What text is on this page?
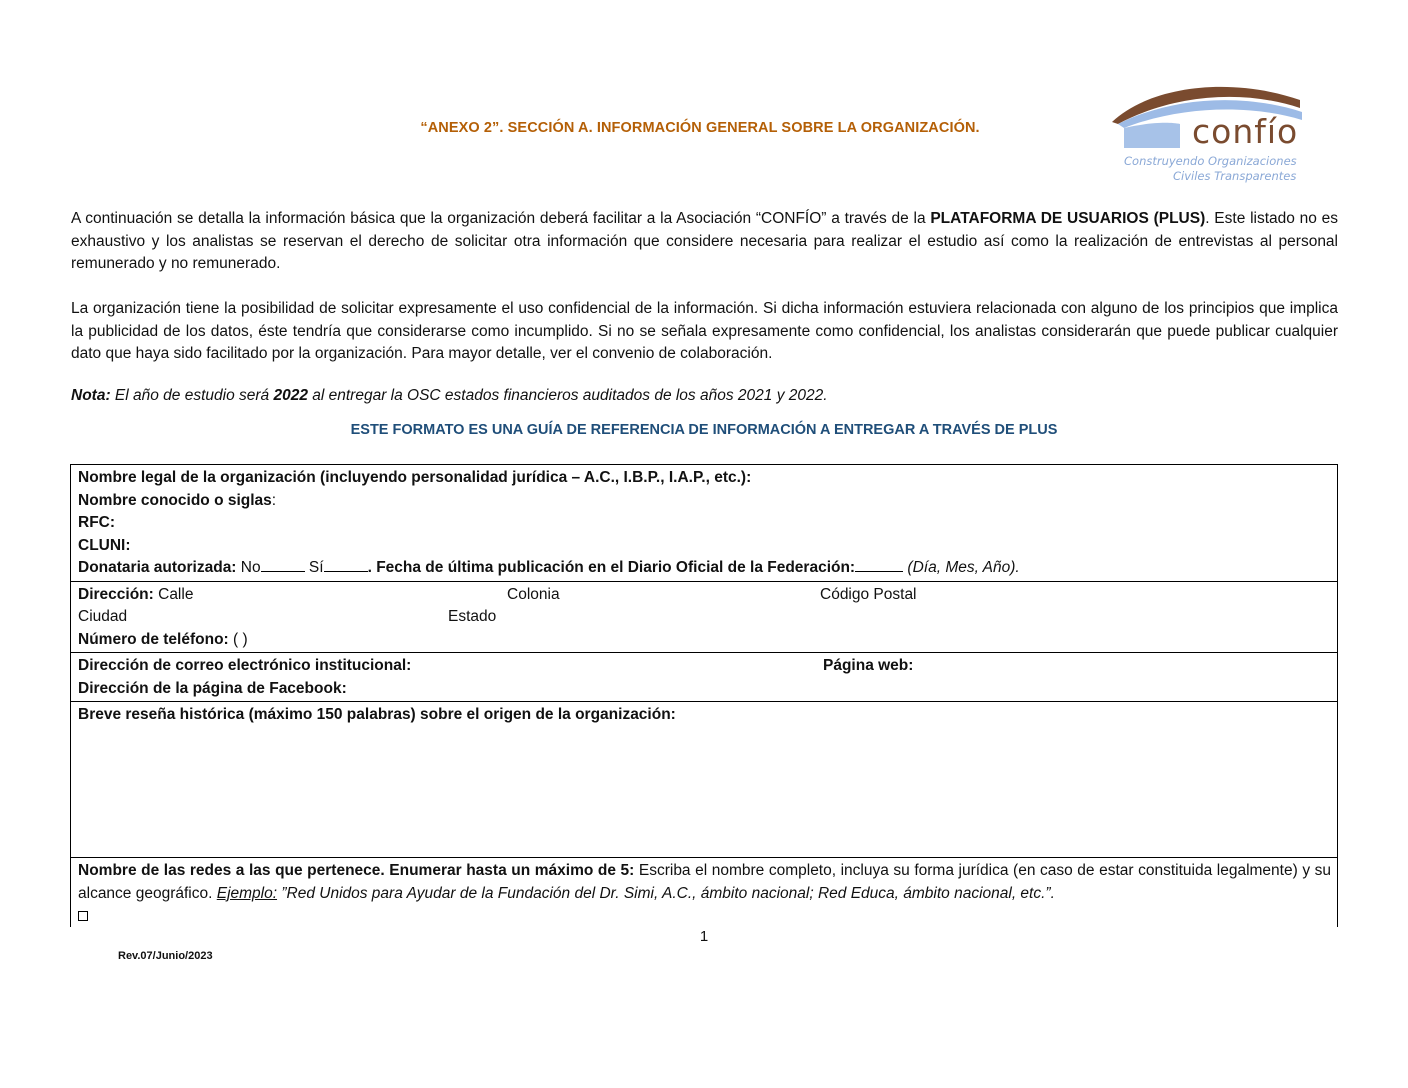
“ANEXO 2”. SECCIÓN A. INFORMACIÓN GENERAL SOBRE LA ORGANIZACIÓN.	confío
Construyendo Organizaciones
Civiles Transparentes
A continuación se detalla la información básica que la organización deberá facilitar a la Asociación “CONFÍO” a través de la PLATAFORMA DE USUARIOS (PLUS). Este listado no es exhaustivo y los analistas se reservan el derecho de solicitar otra información que considere necesaria para realizar el estudio así como la realización de entrevistas al personal remunerado y no remunerado.
La organización tiene la posibilidad de solicitar expresamente el uso confidencial de la información. Si dicha información estuviera relacionada con alguno de los principios que implica la publicidad de los datos, éste tendría que considerarse como incumplido. Si no se señala expresamente como confidencial, los analistas considerarán que puede publicar cualquier dato que haya sido facilitado por la organización. Para mayor detalle, ver el convenio de colaboración.
Nota: El año de estudio será 2022 al entregar la OSC estados financieros auditados de los años 2021 y 2022.
ESTE FORMATO ES UNA GUÍA DE REFERENCIA DE INFORMACIÓN A ENTREGAR A TRAVÉS DE PLUS
Nombre legal de la organización (incluyendo personalidad jurídica – A.C., I.B.P., I.A.P., etc.):
Nombre conocido o siglas:
RFC:
CLUNI:
Donataria autorizada: No	Sí	. Fecha de última publicación en el Diario Oficial de la Federación:	(Día, Mes, Año).
Dirección: Calle	Colonia	Código Postal
Ciudad	Estado
Número de teléfono: ( )
Dirección de correo electrónico institucional:	Página web:
Dirección de la página de Facebook:
Breve reseña histórica (máximo 150 palabras) sobre el origen de la organización:
Nombre de las redes a las que pertenece. Enumerar hasta un máximo de 5: Escriba el nombre completo, incluya su forma jurídica (en caso de estar constituida legalmente) y su alcance geográfico. Ejemplo: ”Red Unidos para Ayudar de la Fundación del Dr. Simi, A.C., ámbito nacional; Red Educa, ámbito nacional, etc.”.
1
Rev.07/Junio/2023
